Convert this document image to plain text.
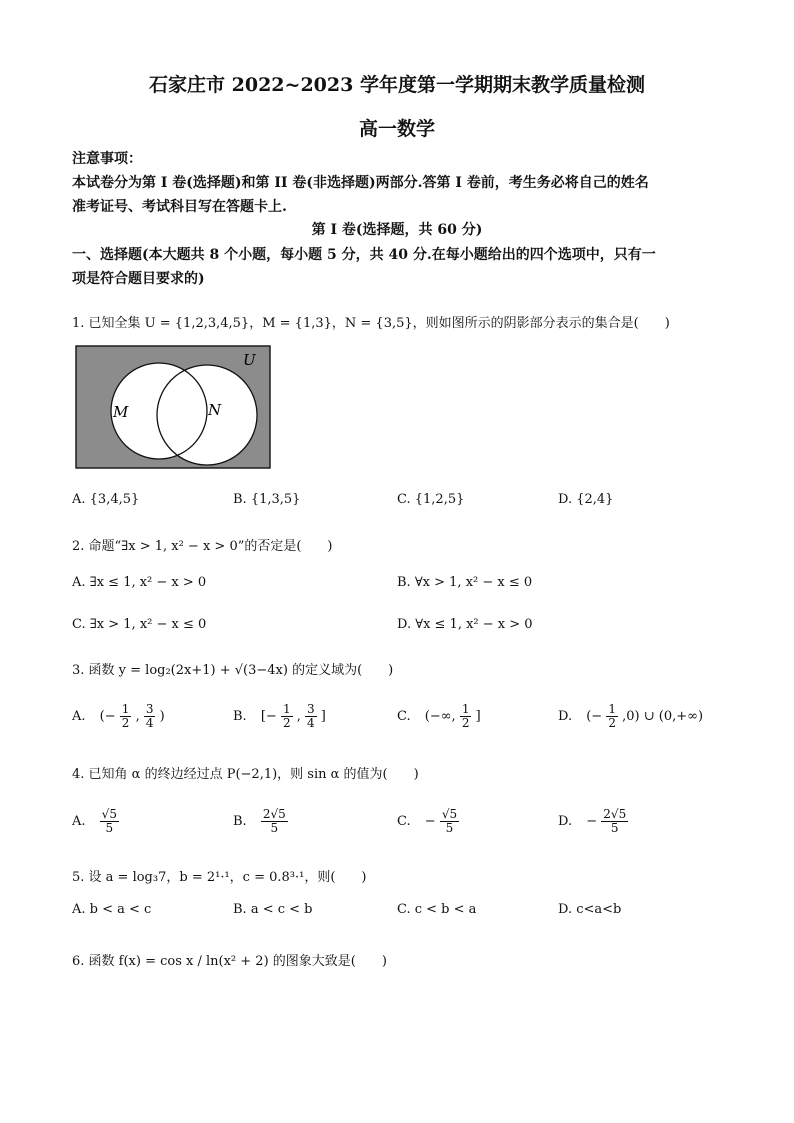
石家庄市 2022~2023 学年度第一学期期末教学质量检测
高一数学
注意事项：
本试卷分为第 I 卷(选择题)和第 II 卷(非选择题)两部分.答第 I 卷前，考生务必将自己的姓名
准考证号、考试科目写在答题卡上.
第 I 卷(选择题，共 60 分)
一、选择题(本大题共 8 个小题，每小题 5 分，共 40 分.在每小题给出的四个选项中，只有一
项是符合题目要求的)
1. 已知全集 U = {1,2,3,4,5}，M = {1,3}，N = {3,5}，则如图所示的阴影部分表示的集合是(　　)
U
M	N
A. {3,4,5}	B. {1,3,5}	C. {1,2,5}	D. {2,4}
2. 命题“∃x > 1, x² − x > 0”的否定是(　　)
A. ∃x ≤ 1, x² − x > 0	B. ∀x > 1, x² − x ≤ 0
C. ∃x > 1, x² − x ≤ 0	D. ∀x ≤ 1, x² − x > 0
3. 函数 y = log₂(2x+1) + √(3−4x) 的定义域为(　　)
A. (− $\frac{1}{2}$ , $\frac{3}{4}$ )	B. [− $\frac{1}{2}$ , $\frac{3}{4}$ ]	C. (−∞, $\frac{1}{2}$ ]	D. (− $\frac{1}{2} ,0$) ∪ (0,+∞)
4. 已知角 α 的终边经过点 P(−2,1)，则 sin α 的值为(　　)
A. $\frac{√5}{5}$	B. $\frac{2√5}{5}$	C. − $\frac{√5}{5}$	D. − $\frac{2√5}{5}$
5. 设 a = log₃7，b = 2¹·¹，c = 0.8³·¹，则(　　)
A. b < a < c	B. a < c < b	C. c < b < a	D. c<a<b
6. 函数 f(x) = cos x / ln(x² + 2) 的图象大致是(　　)
